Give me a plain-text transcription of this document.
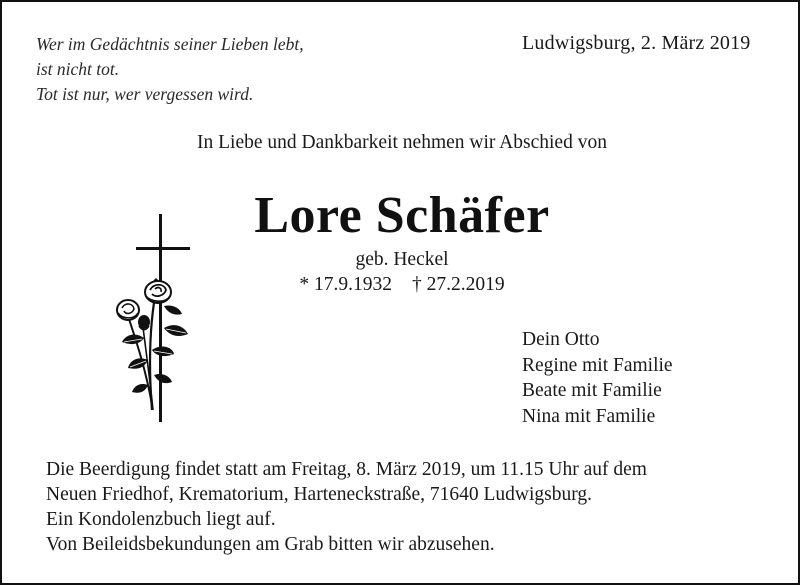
Wer im Gedächtnis seiner Lieben lebt,
ist nicht tot.
Tot ist nur, wer vergessen wird.
Ludwigsburg, 2. März 2019
In Liebe und Dankbarkeit nehmen wir Abschied von
Lore Schäfer
geb. Heckel
* 17.9.1932 † 27.2.2019
Dein Otto
Regine mit Familie
Beate mit Familie
Nina mit Familie
Die Beerdigung findet statt am Freitag, 8. März 2019, um 11.15 Uhr auf dem
Neuen Friedhof, Krematorium, Harteneckstraße, 71640 Ludwigsburg.
Ein Kondolenzbuch liegt auf.
Von Beileidsbekundungen am Grab bitten wir abzusehen.
